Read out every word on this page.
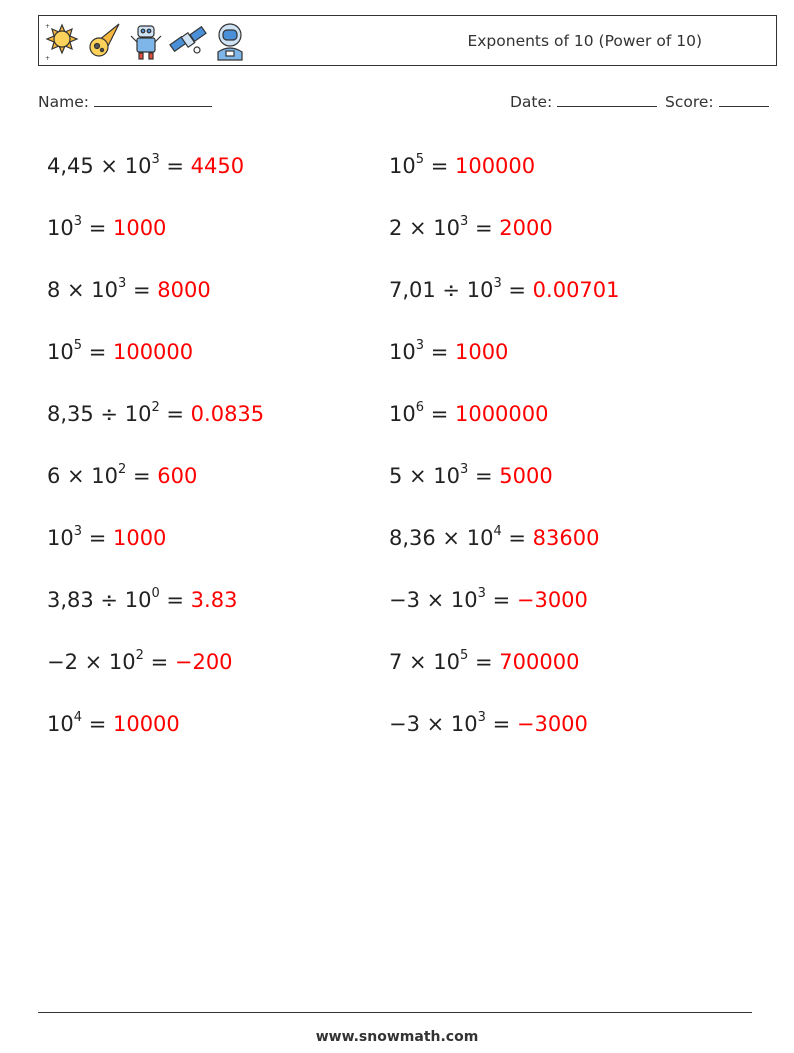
+
+
Exponents of 10 (Power of 10)
Name:	Date:	Score:
$4,45 \times 10^3 = 4450$
$10^3 = 1000$
$8 \times 10^3 = 8000$
$10^5 = 100000$
$8,35 \div 10^2 = 0.0835$
$6 \times 10^2 = 600$
$10^3 = 1000$
$3,83 \div 10^0 = 3.83$
$-2 \times 10^2 = -200$
$10^4 = 10000$
$10^5 = 100000$
$2 \times 10^3 = 2000$
$7,01 \div 10^3 = 0.00701$
$10^3 = 1000$
$10^6 = 1000000$
$5 \times 10^3 = 5000$
$8,36 \times 10^4 = 83600$
$-3 \times 10^3 = -3000$
$7 \times 10^5 = 700000$
$-3 \times 10^3 = -3000$
www.snowmath.com
